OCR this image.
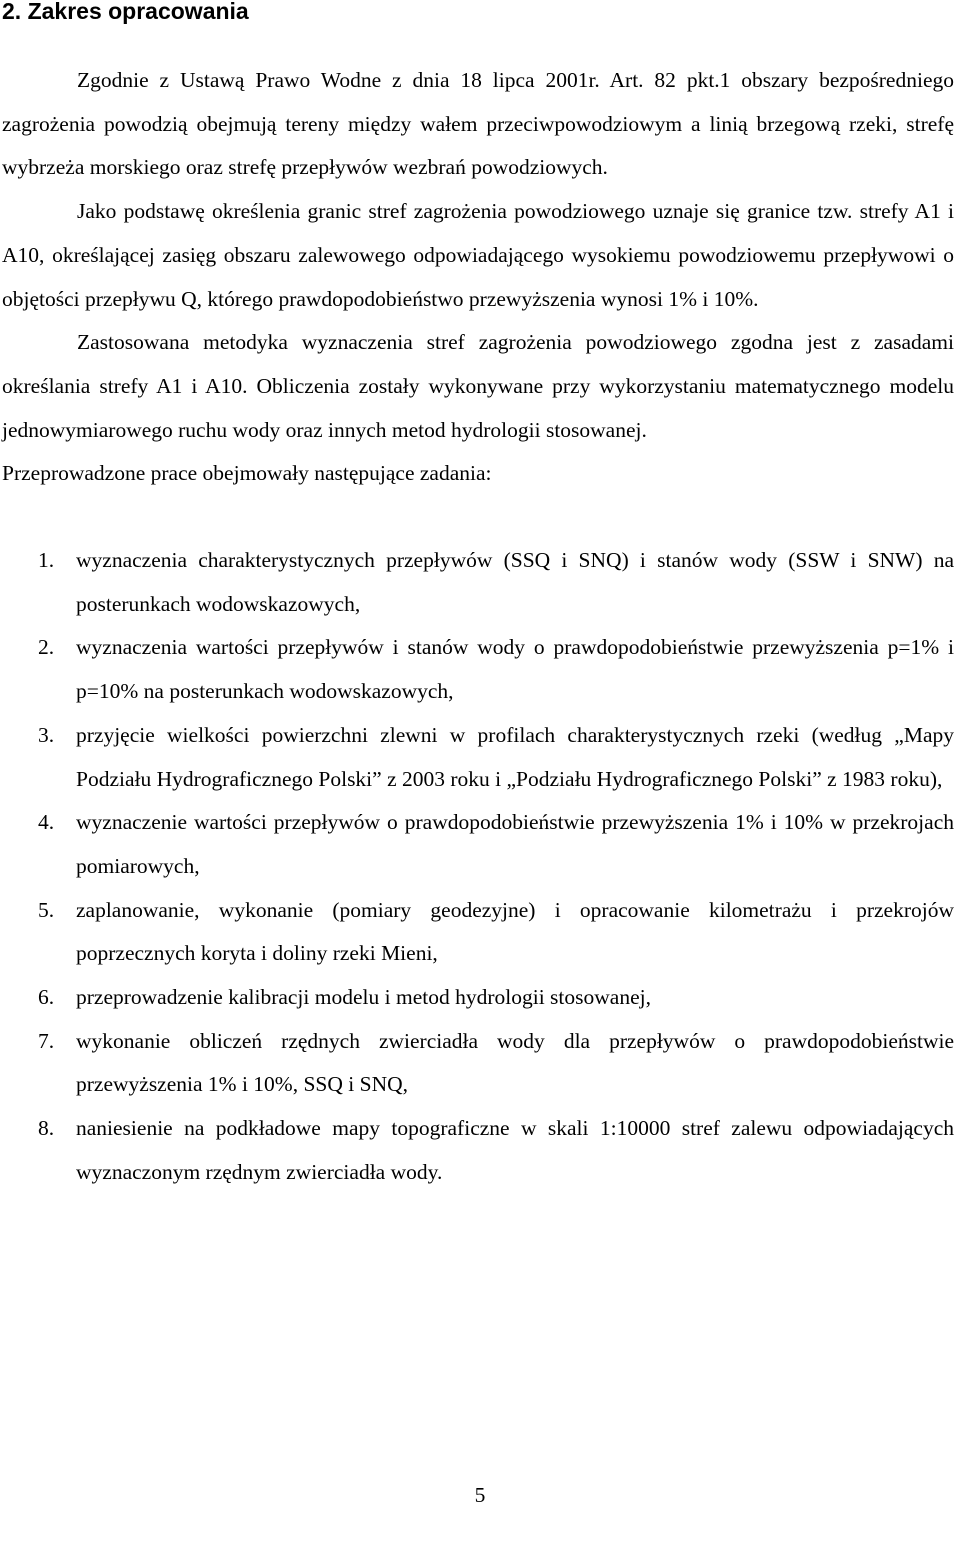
2. Zakres opracowania

Zgodnie z Ustawą Prawo Wodne z dnia 18 lipca 2001r. Art. 82 pkt.1 obszary bezpośredniego zagrożenia powodzią obejmują tereny między wałem przeciwpowodziowym a linią brzegową rzeki, strefę wybrzeża morskiego oraz strefę przepływów wezbrań powodziowych.

Jako podstawę określenia granic stref zagrożenia powodziowego uznaje się granice tzw. strefy A1 i A10, określającej zasięg obszaru zalewowego odpowiadającego wysokiemu powodziowemu przepływowi o objętości przepływu Q, którego prawdopodobieństwo przewyższenia wynosi 1% i 10%.

Zastosowana metodyka wyznaczenia stref zagrożenia powodziowego zgodna jest z zasadami określania strefy A1 i A10. Obliczenia zostały wykonywane przy wykorzystaniu matematycznego modelu jednowymiarowego ruchu wody oraz innych metod hydrologii stosowanej.

Przeprowadzone prace obejmowały następujące zadania:

1.	wyznaczenia charakterystycznych przepływów (SSQ i SNQ) i stanów wody (SSW i SNW) na posterunkach wodowskazowych,
2.	wyznaczenia wartości przepływów i stanów wody o prawdopodobieństwie przewyższenia p=1% i p=10% na posterunkach wodowskazowych,
3.	przyjęcie wielkości powierzchni zlewni w profilach charakterystycznych rzeki (według „Mapy Podziału Hydrograficznego Polski” z 2003 roku i „Podziału Hydrograficznego Polski” z 1983 roku),
4.	wyznaczenie wartości przepływów o prawdopodobieństwie przewyższenia 1% i 10% w przekrojach pomiarowych,
5.	zaplanowanie, wykonanie (pomiary geodezyjne) i opracowanie kilometrażu i przekrojów poprzecznych koryta i doliny rzeki Mieni,
6.	przeprowadzenie kalibracji modelu i metod hydrologii stosowanej,
7.	wykonanie obliczeń rzędnych zwierciadła wody dla przepływów o prawdopodobieństwie przewyższenia 1% i 10%, SSQ i SNQ,
8.	naniesienie na podkładowe mapy topograficzne w skali 1:10000 stref zalewu odpowiadających wyznaczonym rzędnym zwierciadła wody.
5
